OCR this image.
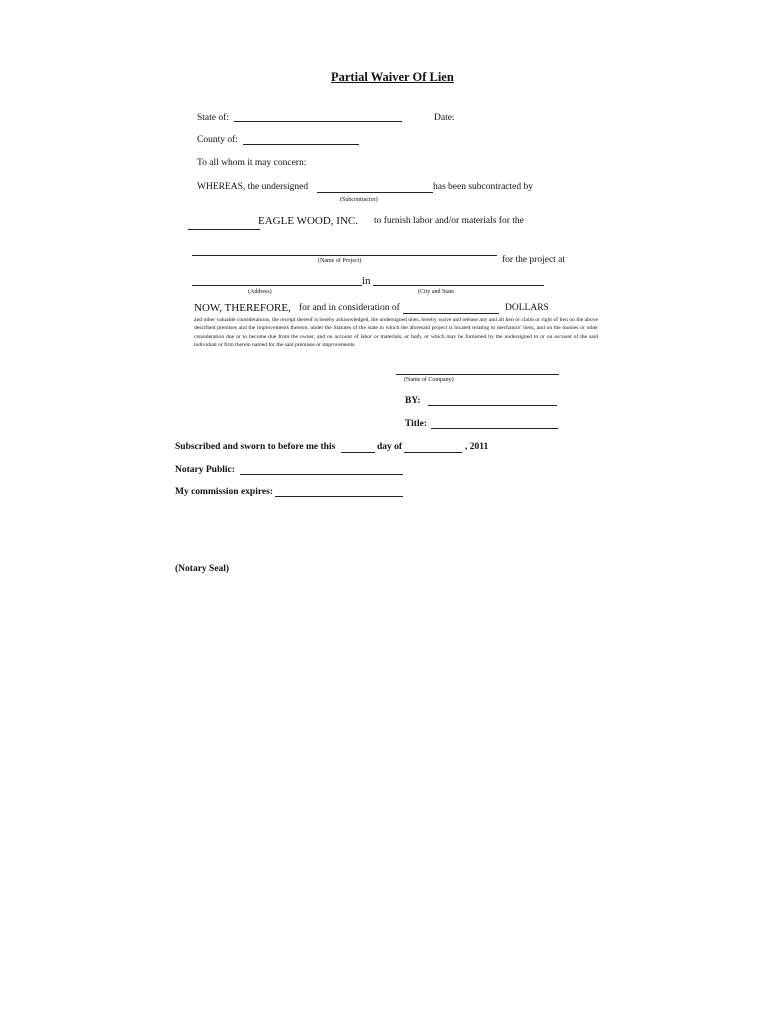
Partial Waiver Of Lien
State of:	Date:
County of:
To all whom it may concern:
WHEREAS, the undersigned	has been subcontracted by
(Subcontractor)
EAGLE WOOD, INC. to furnish labor and/or materials for the
(Name of Project)	for the project at
in
(Address)	(City and State
NOW, THEREFORE, for and in consideration of	DOLLARS
and other valuable considerations, the receipt thereof is hereby acknowledged, the undersigned does, hereby waive and release any and all lien or claim or right of lien on the above described premises and the improvements thereon, under the Statutes of the state in which the aforesaid project is located relating to mechanics' liens, and on the monies or other consideration due or to become due from the owner, and on account of labor or materials, or both, or which may be furnished by the undersigned to or on account of the said individual or firm therein named for the said premises or improvements.
(Name of Company)
BY:
Title:
Subscribed and sworn to before me this	day of	, 2011
Notary Public:
My commission expires:
(Notary Seal)
